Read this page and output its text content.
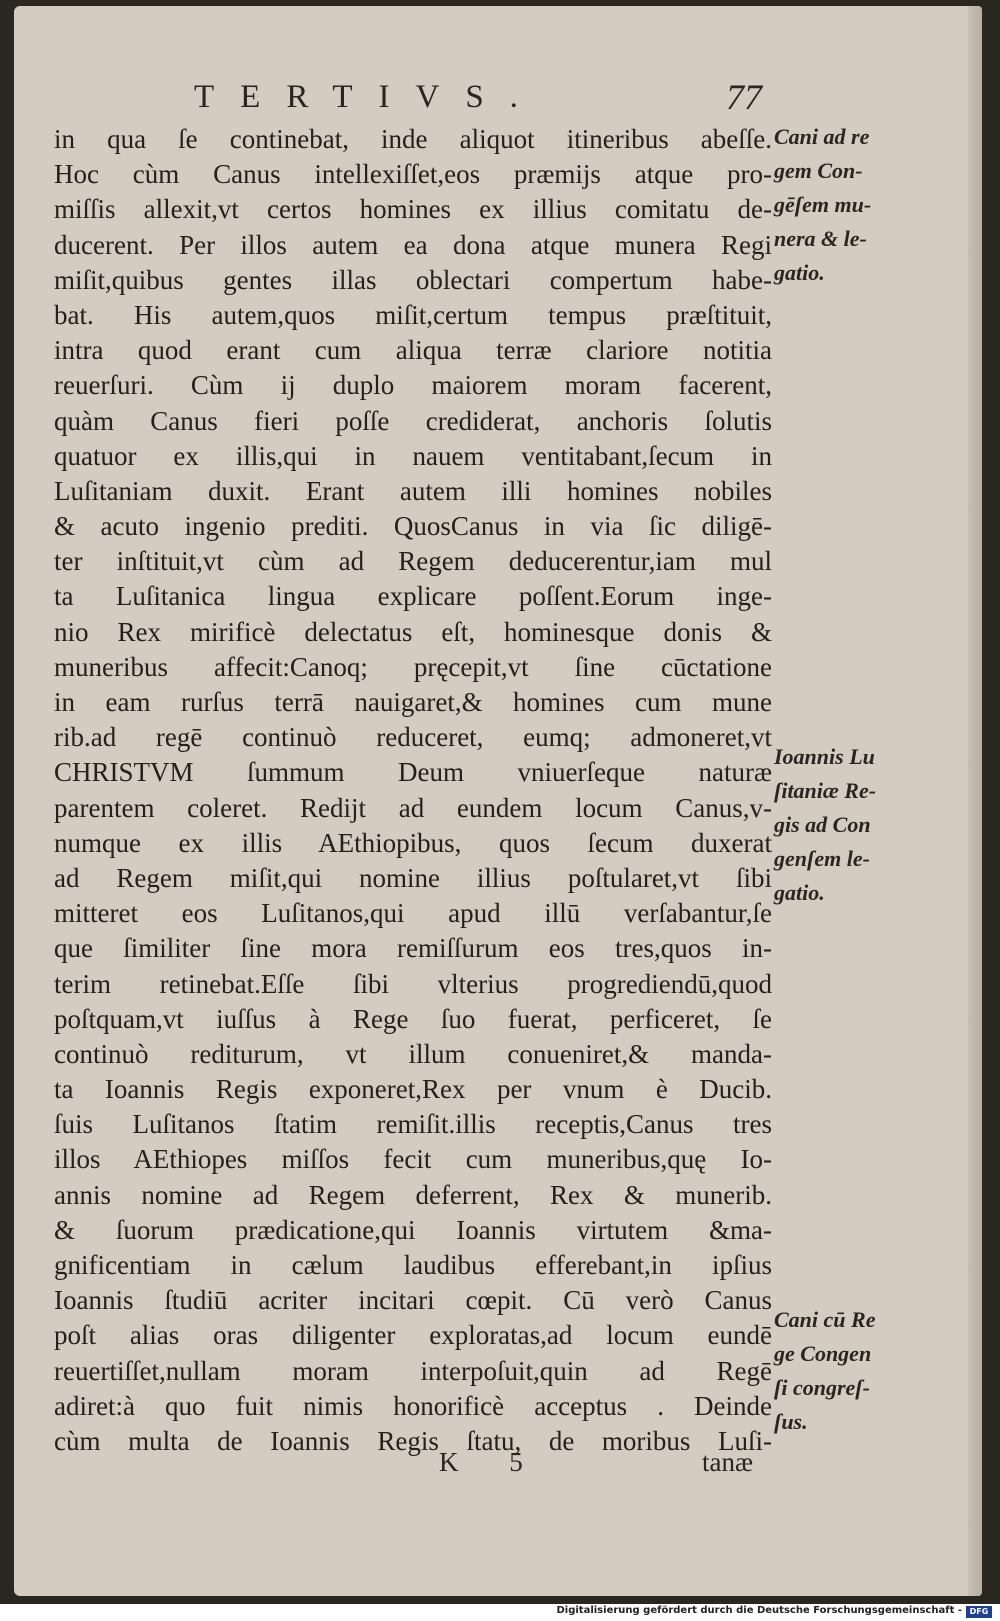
TERTIVS.	77
in qua ſe continebat, inde aliquot itineribus abeſſe.
Hoc cùm Canus intellexiſſet,eos præmijs atque pro-
miſſis allexit,vt certos homines ex illius comitatu de-
ducerent. Per illos autem ea dona atque munera Regi
miſit,quibus gentes illas oblectari compertum habe-
bat. His autem,quos miſit,certum tempus præſtituit,
intra quod erant cum aliqua terræ clariore notitia
reuerſuri. Cùm ij duplo maiorem moram facerent,
quàm Canus fieri poſſe crediderat, anchoris ſolutis
quatuor ex illis,qui in nauem ventitabant,ſecum in
Luſitaniam duxit. Erant autem illi homines nobiles
& acuto ingenio prediti. QuosCanus in via ſic diligē-
ter inſtituit,vt cùm ad Regem deducerentur,iam mul
ta Luſitanica lingua explicare poſſent.Eorum inge-
nio Rex mirificè delectatus eſt, hominesque donis &
muneribus affecit:Canoq; pręcepit,vt ſine cūctatione
in eam rurſus terrā nauigaret,& homines cum mune
rib.ad regē continuò reduceret, eumq; admoneret,vt
CHRISTVM ſummum Deum vniuerſeque naturæ
parentem coleret. Redijt ad eundem locum Canus,v-
numque ex illis AEthiopibus, quos ſecum duxerat
ad Regem miſit,qui nomine illius poſtularet,vt ſibi
mitteret eos Luſitanos,qui apud illū verſabantur,ſe
que ſimiliter ſine mora remiſſurum eos tres,quos in-
terim retinebat.Eſſe ſibi vlterius progrediendū,quod
poſtquam,vt iuſſus à Rege ſuo fuerat, perficeret, ſe
continuò rediturum, vt illum conueniret,& manda-
ta Ioannis Regis exponeret,Rex per vnum è Ducib.
ſuis Luſitanos ſtatim remiſit.illis receptis,Canus tres
illos AEthiopes miſſos fecit cum muneribus,quę Io-
annis nomine ad Regem deferrent, Rex & munerib.
& ſuorum prædicatione,qui Ioannis virtutem &ma-
gnificentiam in cælum laudibus efferebant,in ipſius
Ioannis ſtudiū acriter incitari cœpit. Cū verò Canus
poſt alias oras diligenter exploratas,ad locum eundē
reuertiſſet,nullam moram interpoſuit,quin ad Regē
adiret:à quo fuit nimis honorificè acceptus . Deinde
cùm multa de Ioannis Regis ſtatu, de moribus Luſi-
Cani ad re
gem Con-
gēſem mu-
nera & le-
gatio.
Ioannis Lu
ſitaniæ Re-
gis ad Con
genſem le-
gatio.
Cani cū Re
ge Congen
ſi congreſ-
ſus.
K 5	tanæ
Digitalisierung gefördert durch die Deutsche Forschungsgemeinschaft - DFG
